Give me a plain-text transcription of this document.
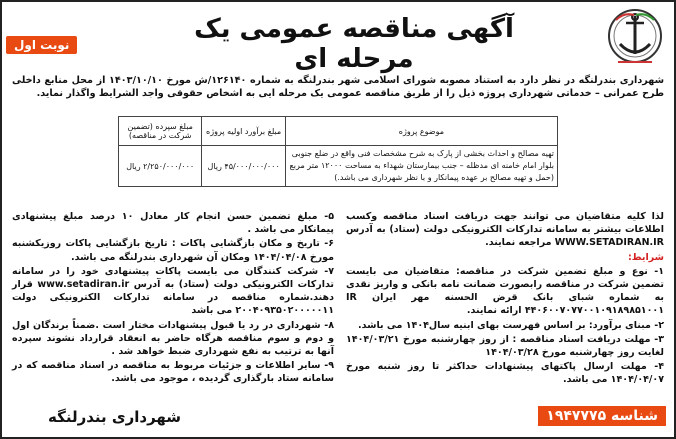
نوبت اول
آگهی مناقصه عمومی یک مرحله ای
شهرداری بندرلنگه در نظر دارد به استناد مصوبه شورای اسلامی شهر بندرلنگه به شماره ۱۲۶۱۴۰/ش مورخ ۱۴۰۳/۱۰/۱۰ از محل منابع داخلی طرح عمرانی – خدماتی شهرداری پروژه ذیل را از طریق مناقصه عمومی یک مرحله ایی به اشخاص حقوقی واجد الشرایط واگذار نماید.
موضوع پروژه	مبلغ برآورد اولیه پروژه	مبلغ سپرده (تضمین شرکت در مناقصه)
تهیه مصالح و احداث بخشی از پارک به شرح مشخصات فنی واقع در ضلع جنوبی بلوار امام خامنه ای مدظله – جنب بیمارستان شهداء به مساحت ۱۲۰۰۰ متر مربع (حمل و تهیه مصالح بر عهده پیمانکار و با نظر شهرداری می باشد.)	۴۵/۰۰۰/۰۰۰/۰۰۰ ریال	۲/۲۵۰/۰۰۰/۰۰۰ ریال

لذا کلیه متقاضیان می توانند جهت دریافت اسناد مناقصه وکسب اطلاعات بیشتر به سامانه تدارکات الکترونیکی دولت (ستاد) به آدرس WWW.SETADIRAN.IR مراجعه نمایند.

شرایط:

۱- نوع و مبلغ تضمین شرکت در مناقصه: متقاضیان می بایست تضمین شرکت در مناقصه رابصورت ضمانت نامه بانکی و واریز نقدی به شماره شبای بانک قرض الحسنه مهر ایران IR ۴۴۰۶۰۰۷۰۷۷۰۰۱۰۹۱۸۹۸۵۱۰۰۱ ارائه نمایند.

۲- مبنای برآورد: بر اساس فهرست بهای ابنیه سال۱۴۰۴ می باشد.

۳- مهلت دریافت اسناد مناقصه : از روز چهارشنبه مورخ ۱۴۰۴/۰۳/۲۱ لغایت روز چهارشنبه مورخ ۱۴۰۴/۰۳/۲۸

۴- مهلت ارسال پاکتهای پیشنهادات حداکثر تا روز شنبه مورخ ۱۴۰۴/۰۴/۰۷ می باشد.

۵- مبلغ تضمین حسن انجام کار معادل ۱۰ درصد مبلغ پیشنهادی پیمانکار می باشد .

۶- تاریخ و مکان بازگشایی پاکات : تاریخ بازگشایی پاکات روزیکشنبه مورخ ۱۴۰۴/۰۴/۰۸ ومکان آن شهرداری بندرلنگه می باشد.

۷- شرکت کنندگان می بایست پاکات پیشنهادی خود را در سامانه تدارکات الکترونیکی دولت (ستاد) به آدرس www.setadiran.ir قرار دهند.شماره مناقصه در سامانه تدارکات الکترونیکی دولت ۲۰۰۴۰۹۳۵۰۲۰۰۰۰۰۱۱ می باشد

۸- شهرداری در رد یا قبول پیشنهادات مختار است .ضمناً برندگان اول و دوم و سوم مناقصه هرگاه حاضر به انعقاد قرارداد نشوند سپرده آنها به ترتیب به نفع شهرداری ضبط خواهد شد .

۹- سایر اطلاعات و جزئیات مربوط به مناقصه در اسناد مناقصه که در سامانه ستاد بارگذاری گردیده ، موجود می باشد.

شناسه ۱۹۴۷۷۷۵
شهرداری بندرلنگه
